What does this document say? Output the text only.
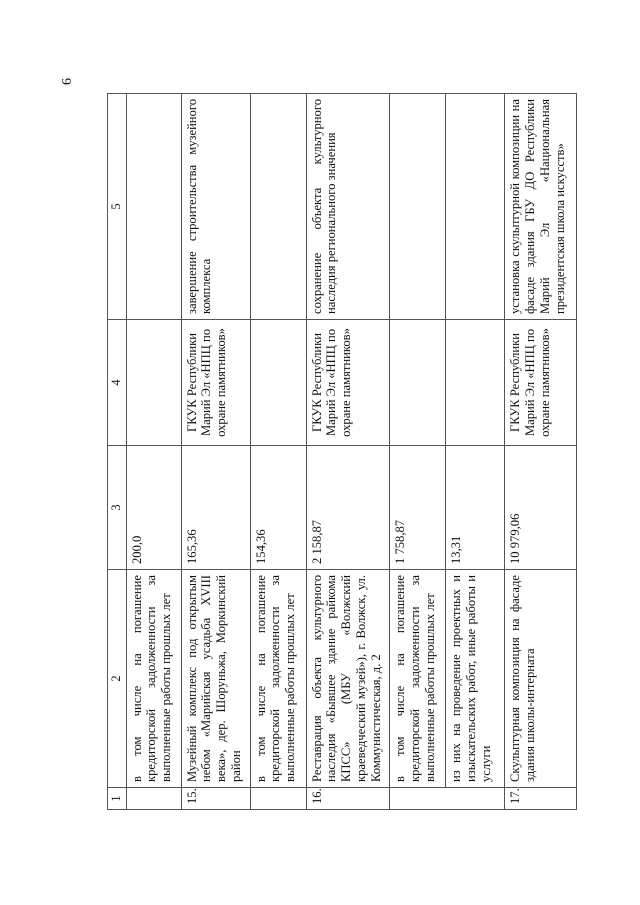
6
1	2	3	4	5
	в том числе на погашение кредиторской задолженности за выполненные работы прошлых лет	200,0		
15.	Музейный комплекс под открытым небом «Марийская усадьба XVIII века», дер. Шоруньжа, Моркинский район	165,36	ГКУК Республики Марий Эл «НПЦ по охране памятников»	завершение строительства музейного комплекса
	в том числе на погашение кредиторской задолженности за выполненные работы прошлых лет	154,36		
16.	Реставрация объекта культурного наследия «Бывшее здание райкома КПСС» (МБУ «Волжский краеведческий музей»), г. Волжск, ул. Коммунистическая, д. 2	2 158,87	ГКУК Республики Марий Эл «НПЦ по охране памятников»	сохранение объекта культурного наследия регионального значения
	в том числе на погашение кредиторской задолженности за выполненные работы прошлых лет	1 758,87		
	из них на проведение проектных и изыскательских работ, иные работы и услуги	13,31		
17.	Скульптурная композиция на фасаде здания школы-интерната	10 979,06	ГКУК Республики Марий Эл «НПЦ по охране памятников»	установка скульптурной композиции на фасаде здания ГБУ ДО Республики Марий Эл «Национальная президентская школа искусств»
